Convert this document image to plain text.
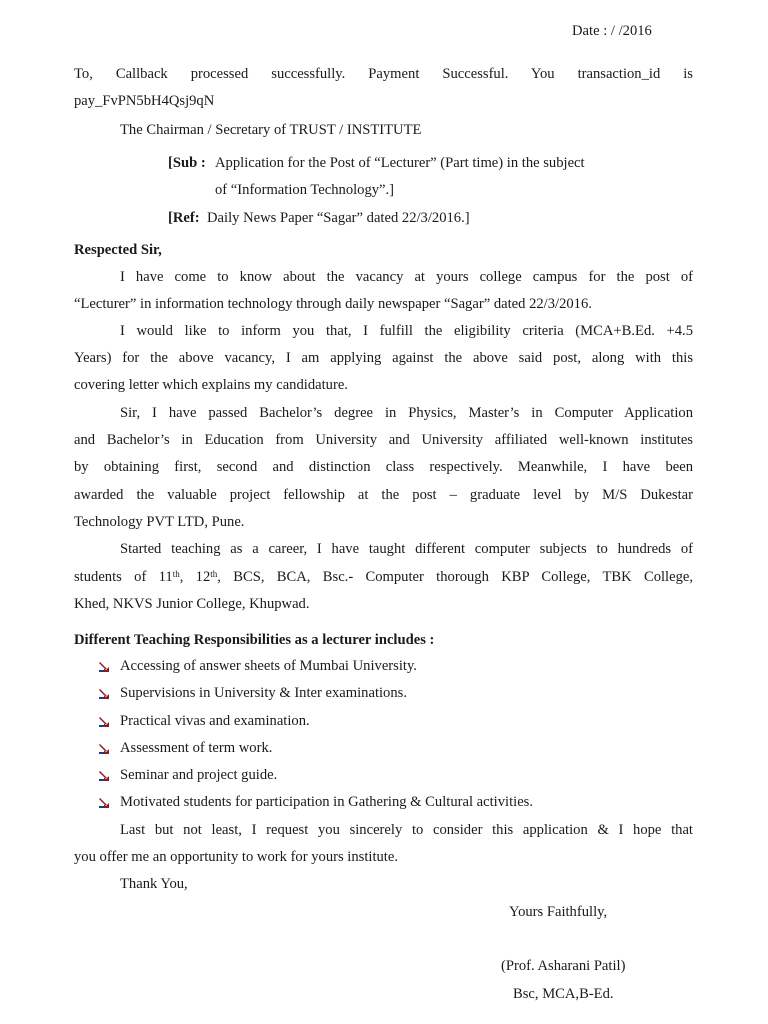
Date : / /2016
To, Callback processed successfully. Payment Successful. You transaction_id is
pay_FvPN5bH4Qsj9qN
The Chairman / Secretary of TRUST / INSTITUTE
[Sub : Application for the Post of “Lecturer” (Part time) in the subject
of “Information Technology”.]
[Ref: Daily News Paper “Sagar” dated 22/3/2016.]
Respected Sir,
I have come to know about the vacancy at yours college campus for the post of
“Lecturer” in information technology through daily newspaper “Sagar” dated 22/3/2016.
I would like to inform you that, I fulfill the eligibility criteria (MCA+B.Ed. +4.5
Years) for the above vacancy, I am applying against the above said post, along with this
covering letter which explains my candidature.
Sir, I have passed Bachelor’s degree in Physics, Master’s in Computer Application
and Bachelor’s in Education from University and University affiliated well-known institutes
by obtaining first, second and distinction class respectively. Meanwhile, I have been
awarded the valuable project fellowship at the post – graduate level by M/S Dukestar
Technology PVT LTD, Pune.
Started teaching as a career, I have taught different computer subjects to hundreds of
students of 11th, 12th, BCS, BCA, Bsc.- Computer thorough KBP College, TBK College,
Khed, NKVS Junior College, Khupwad.
Different Teaching Responsibilities as a lecturer includes :
Accessing of answer sheets of Mumbai University.
Supervisions in University & Inter examinations.
Practical vivas and examination.
Assessment of term work.
Seminar and project guide.
Motivated students for participation in Gathering & Cultural activities.
Last but not least, I request you sincerely to consider this application & I hope that
you offer me an opportunity to work for yours institute.
Thank You,
Yours Faithfully,
(Prof. Asharani Patil)
Bsc, MCA,B-Ed.
